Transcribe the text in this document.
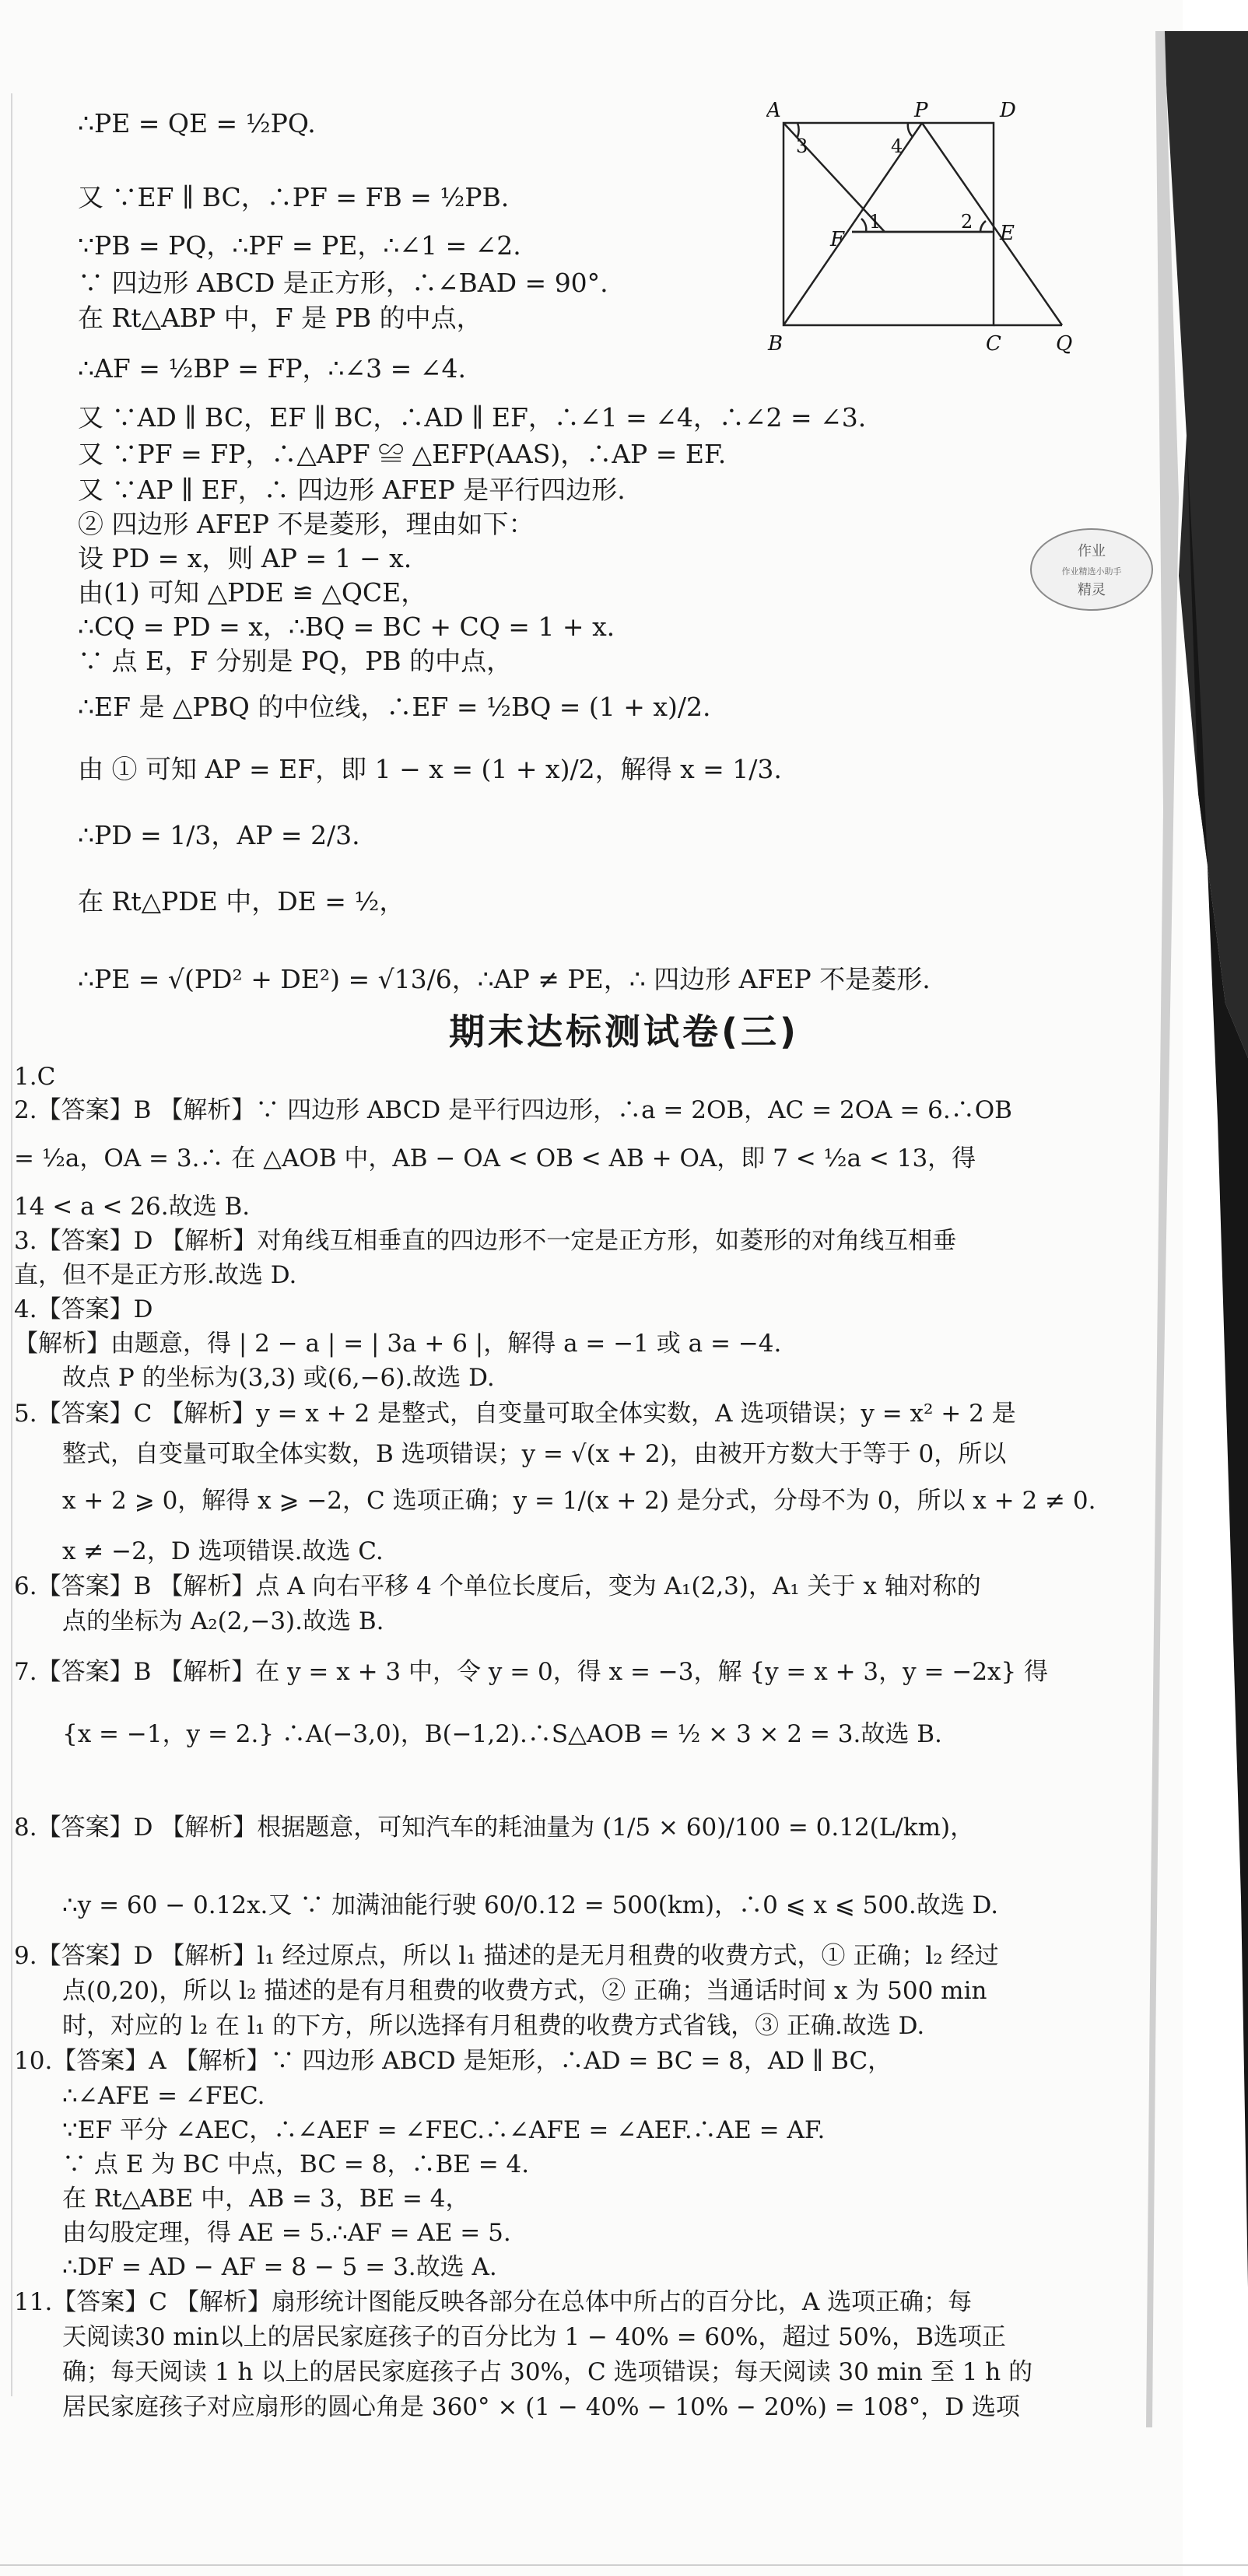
∴PE = QE = ½PQ.
又 ∵EF ∥ BC，∴PF = FB = ½PB.
∵PB = PQ，∴PF = PE，∴∠1 = ∠2.
∵ 四边形 ABCD 是正方形，∴∠BAD = 90°.
在 Rt△ABP 中，F 是 PB 的中点，
∴AF = ½BP = FP，∴∠3 = ∠4.
又 ∵AD ∥ BC，EF ∥ BC，∴AD ∥ EF，∴∠1 = ∠4，∴∠2 = ∠3.
又 ∵PF = FP，∴△APF ≌ △EFP(AAS)，∴AP = EF.
又 ∵AP ∥ EF，∴ 四边形 AFEP 是平行四边形.
② 四边形 AFEP 不是菱形，理由如下：
设 PD = x，则 AP = 1 − x.
由(1) 可知 △PDE ≌ △QCE，
∴CQ = PD = x，∴BQ = BC + CQ = 1 + x.
∵ 点 E，F 分别是 PQ，PB 的中点，
∴EF 是 △PBQ 的中位线，∴EF = ½BQ = (1 + x)/2.
由 ① 可知 AP = EF，即 1 − x = (1 + x)/2，解得 x = 1/3.
∴PD = 1/3，AP = 2/3.
在 Rt△PDE 中，DE = ½，
∴PE = √(PD² + DE²) = √13/6，∴AP ≠ PE，∴ 四边形 AFEP 不是菱形.
A	P	D
3	4
F
1	2 E
B	C	Q
作业
作业精选小助手
精灵
期末达标测试卷(三)
1.C
2.【答案】B 【解析】∵ 四边形 ABCD 是平行四边形，∴a = 2OB，AC = 2OA = 6.∴OB
= ½a，OA = 3.∴ 在 △AOB 中，AB − OA < OB < AB + OA，即 7 < ½a < 13，得
14 < a < 26.故选 B.
3.【答案】D 【解析】对角线互相垂直的四边形不一定是正方形，如菱形的对角线互相垂
直，但不是正方形.故选 D.
4.【答案】D
【解析】由题意，得 | 2 − a | = | 3a + 6 |，解得 a = −1 或 a = −4.
故点 P 的坐标为(3,3) 或(6,−6).故选 D.
5.【答案】C 【解析】y = x + 2 是整式，自变量可取全体实数，A 选项错误；y = x² + 2 是
整式，自变量可取全体实数，B 选项错误；y = √(x + 2)，由被开方数大于等于 0，所以
x + 2 ⩾ 0，解得 x ⩾ −2，C 选项正确；y = 1/(x + 2) 是分式，分母不为 0，所以 x + 2 ≠ 0.
x ≠ −2，D 选项错误.故选 C.
6.【答案】B 【解析】点 A 向右平移 4 个单位长度后，变为 A₁(2,3)，A₁ 关于 x 轴对称的
点的坐标为 A₂(2,−3).故选 B.
7.【答案】B 【解析】在 y = x + 3 中，令 y = 0，得 x = −3，解 {y = x + 3，y = −2x} 得
{x = −1，y = 2.} ∴A(−3,0)，B(−1,2).∴S△AOB = ½ × 3 × 2 = 3.故选 B.
8.【答案】D 【解析】根据题意，可知汽车的耗油量为 (1/5 × 60)/100 = 0.12(L/km)，
∴y = 60 − 0.12x.又 ∵ 加满油能行驶 60/0.12 = 500(km)，∴0 ⩽ x ⩽ 500.故选 D.
9.【答案】D 【解析】l₁ 经过原点，所以 l₁ 描述的是无月租费的收费方式，① 正确；l₂ 经过
点(0,20)，所以 l₂ 描述的是有月租费的收费方式，② 正确；当通话时间 x 为 500 min
时，对应的 l₂ 在 l₁ 的下方，所以选择有月租费的收费方式省钱，③ 正确.故选 D.
10.【答案】A 【解析】∵ 四边形 ABCD 是矩形，∴AD = BC = 8，AD ∥ BC，
∴∠AFE = ∠FEC.
∵EF 平分 ∠AEC，∴∠AEF = ∠FEC.∴∠AFE = ∠AEF.∴AE = AF.
∵ 点 E 为 BC 中点，BC = 8，∴BE = 4.
在 Rt△ABE 中，AB = 3，BE = 4，
由勾股定理，得 AE = 5.∴AF = AE = 5.
∴DF = AD − AF = 8 − 5 = 3.故选 A.
11.【答案】C 【解析】扇形统计图能反映各部分在总体中所占的百分比，A 选项正确；每
天阅读30 min以上的居民家庭孩子的百分比为 1 − 40% = 60%，超过 50%，B选项正
确；每天阅读 1 h 以上的居民家庭孩子占 30%，C 选项错误；每天阅读 30 min 至 1 h 的
居民家庭孩子对应扇形的圆心角是 360° × (1 − 40% − 10% − 20%) = 108°，D 选项
